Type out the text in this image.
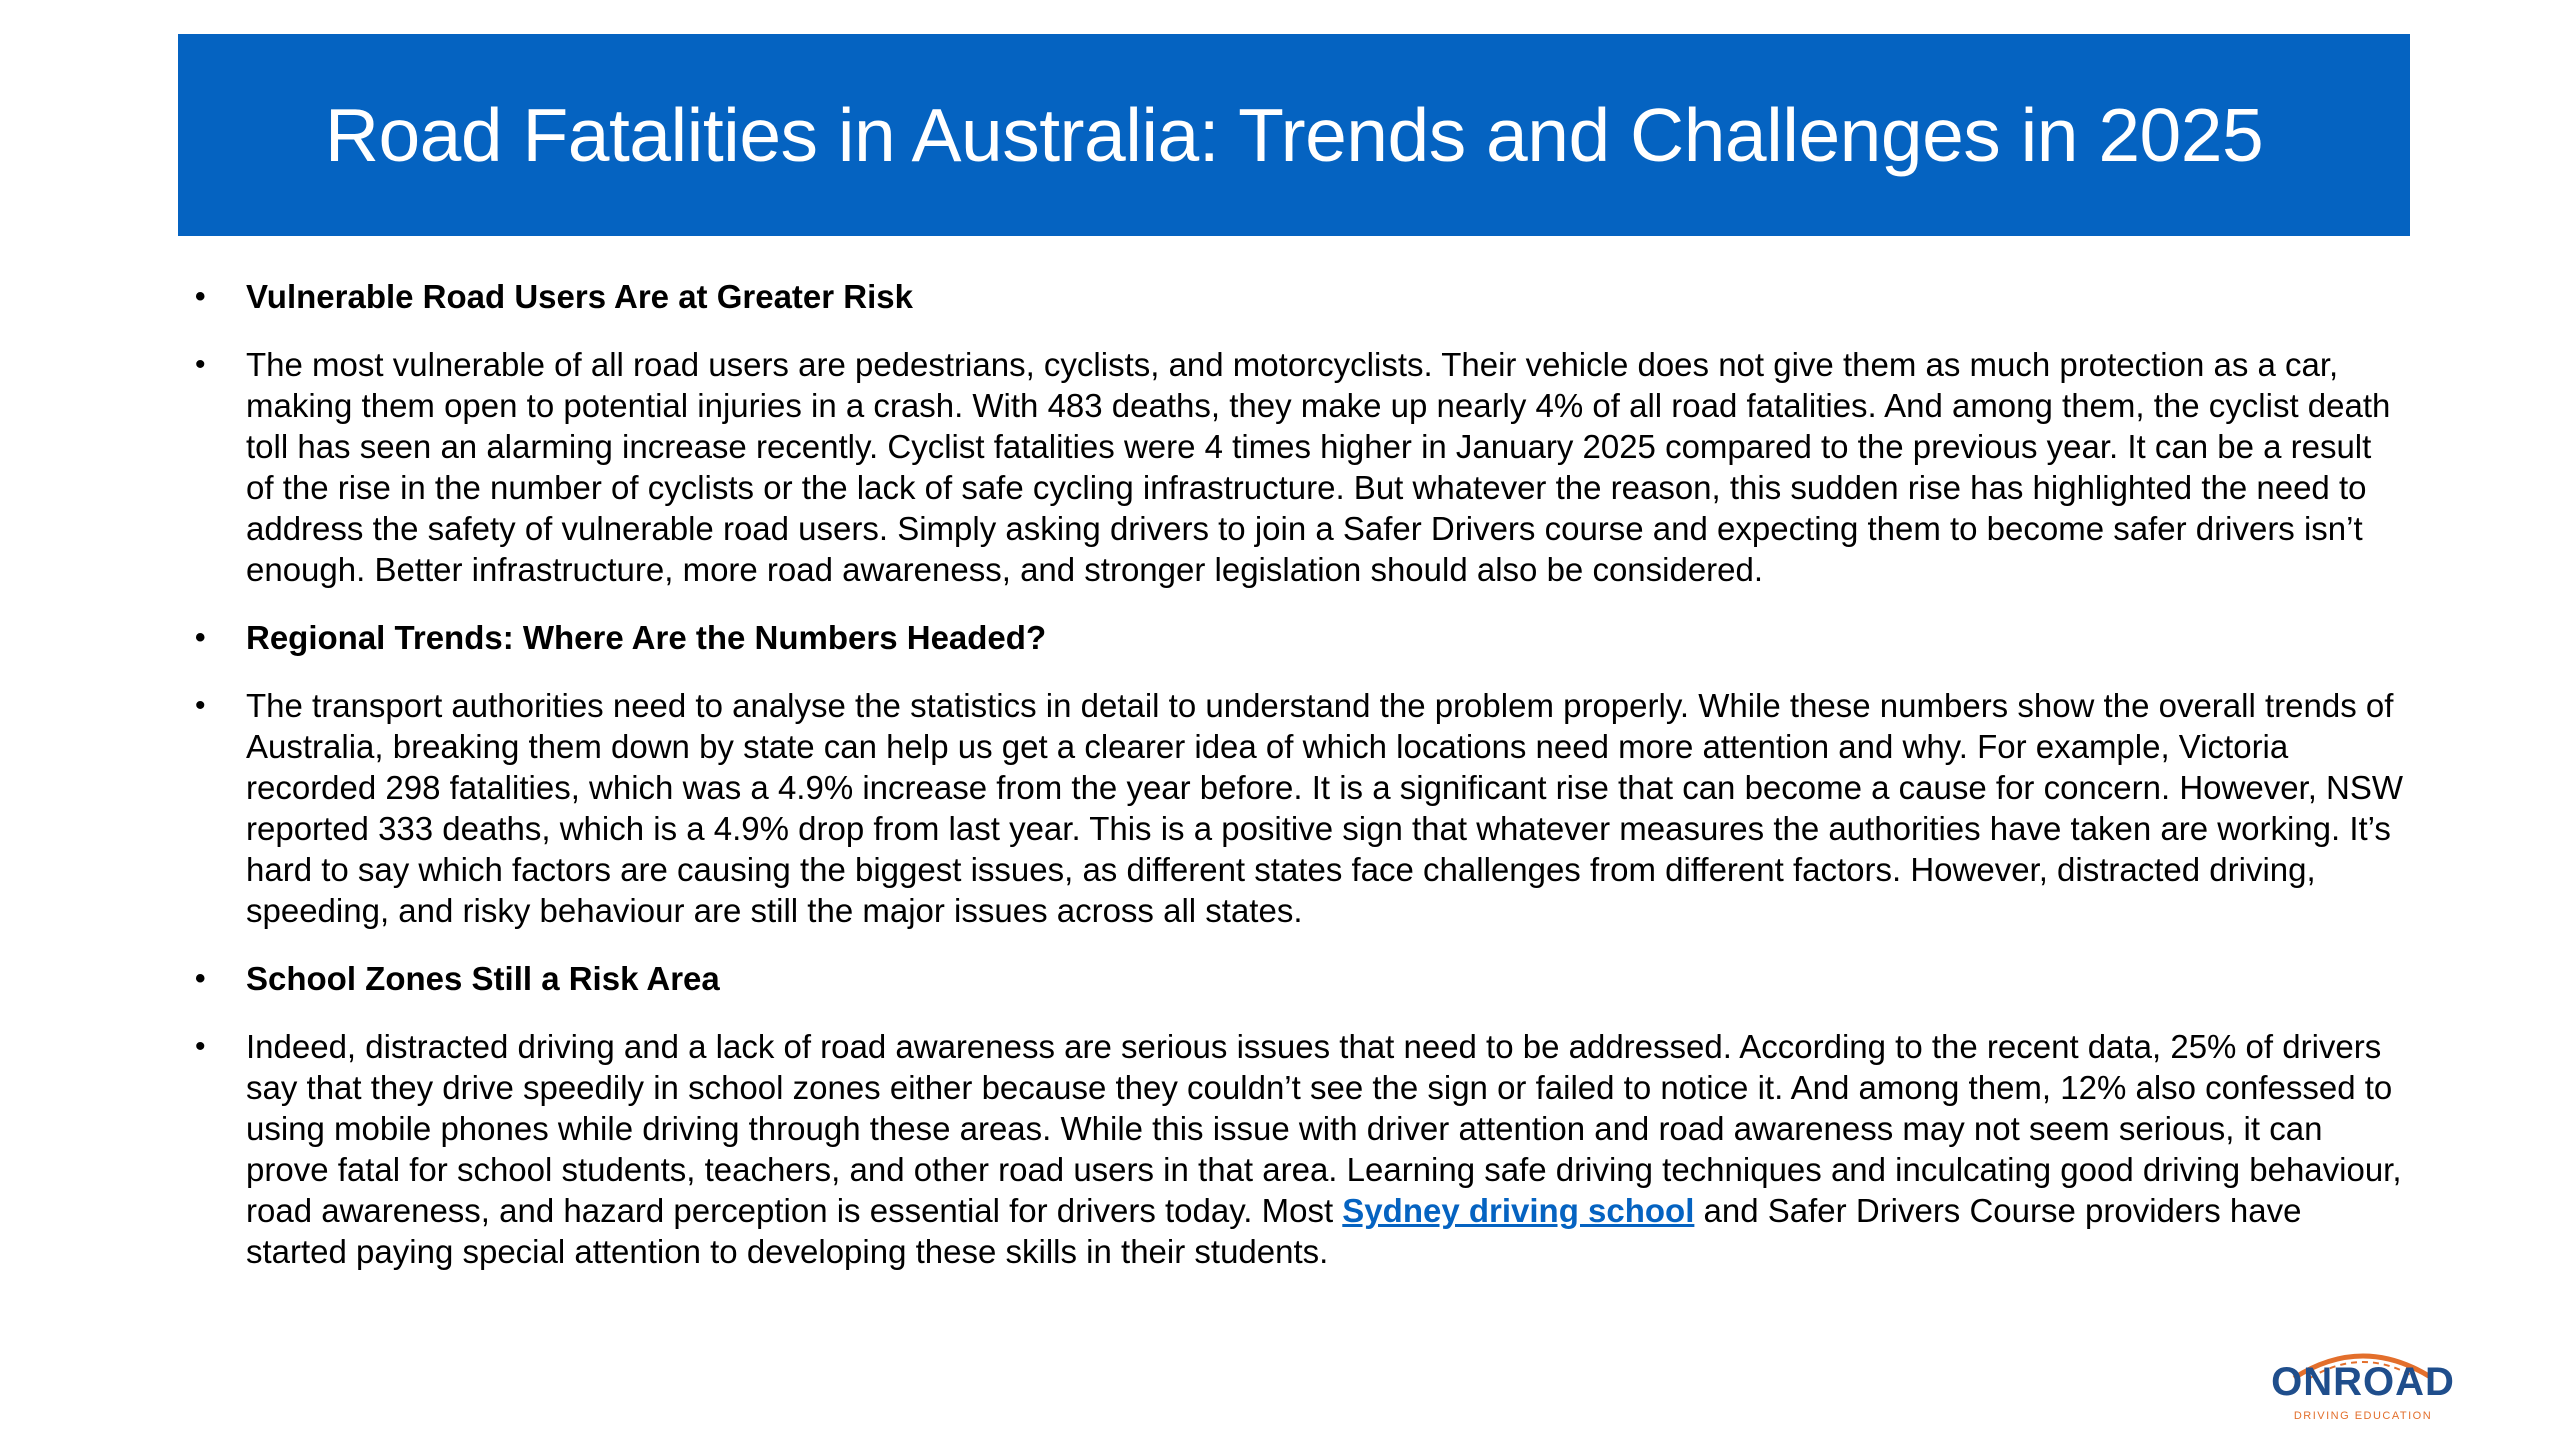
Road Fatalities in Australia: Trends and Challenges in 2025
• Vulnerable Road Users Are at Greater Risk
• The most vulnerable of all road users are pedestrians, cyclists, and motorcyclists. Their vehicle does not give them as much protection as a car, making them open to potential injuries in a crash. With 483 deaths, they make up nearly 4% of all road fatalities. And among them, the cyclist death toll has seen an alarming increase recently. Cyclist fatalities were 4 times higher in January 2025 compared to the previous year. It can be a result of the rise in the number of cyclists or the lack of safe cycling infrastructure. But whatever the reason, this sudden rise has highlighted the need to address the safety of vulnerable road users. Simply asking drivers to join a Safer Drivers course and expecting them to become safer drivers isn’t enough. Better infrastructure, more road awareness, and stronger legislation should also be considered.
• Regional Trends: Where Are the Numbers Headed?
• The transport authorities need to analyse the statistics in detail to understand the problem properly. While these numbers show the overall trends of Australia, breaking them down by state can help us get a clearer idea of which locations need more attention and why. For example, Victoria recorded 298 fatalities, which was a 4.9% increase from the year before. It is a significant rise that can become a cause for concern. However, NSW reported 333 deaths, which is a 4.9% drop from last year. This is a positive sign that whatever measures the authorities have taken are working. It’s hard to say which factors are causing the biggest issues, as different states face challenges from different factors. However, distracted driving, speeding, and risky behaviour are still the major issues across all states.
• School Zones Still a Risk Area
• Indeed, distracted driving and a lack of road awareness are serious issues that need to be addressed. According to the recent data, 25% of drivers say that they drive speedily in school zones either because they couldn’t see the sign or failed to notice it. And among them, 12% also confessed to using mobile phones while driving through these areas. While this issue with driver attention and road awareness may not seem serious, it can prove fatal for school students, teachers, and other road users in that area. Learning safe driving techniques and inculcating good driving behaviour, road awareness, and hazard perception is essential for drivers today. Most Sydney driving school and Safer Drivers Course providers have started paying special attention to developing these skills in their students.
ONROAD
DRIVING EDUCATION
